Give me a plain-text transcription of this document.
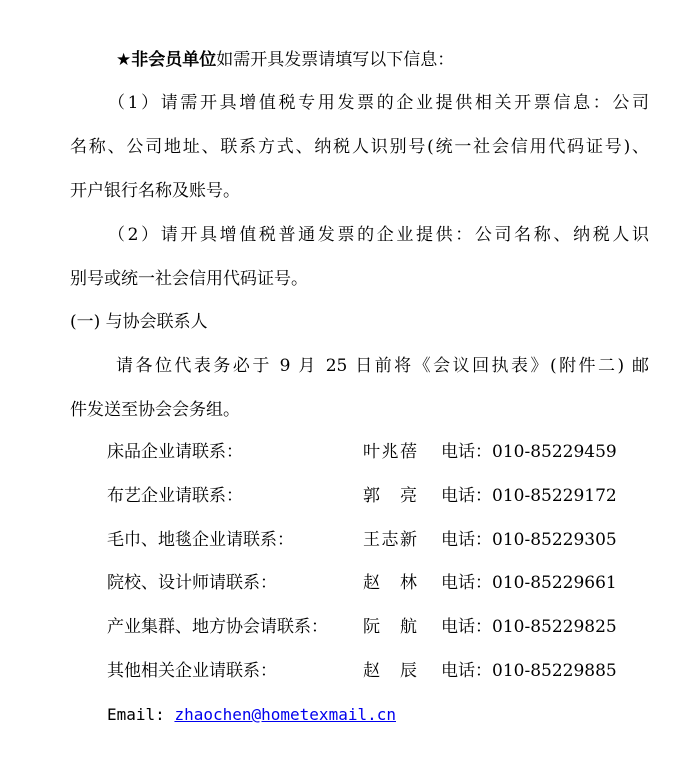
★非会员单位如需开具发票请填写以下信息：
（1）请需开具增值税专用发票的企业提供相关开票信息：公司
名称、公司地址、联系方式、纳税人识别号(统一社会信用代码证号)、
开户银行名称及账号。
（2）请开具增值税普通发票的企业提供：公司名称、纳税人识
别号或统一社会信用代码证号。
(一) 与协会联系人
请各位代表务必于 9 月 25 日前将《会议回执表》(附件二) 邮
件发送至协会会务组。
床品企业请联系：	叶兆蓓 电话：010-85229459
布艺企业请联系：	郭亮 电话：010-85229172
毛巾、地毯企业请联系：	王志新 电话：010-85229305
院校、设计师请联系：	赵林 电话：010-85229661
产业集群、地方协会请联系： 阮航 电话：010-85229825
其他相关企业请联系：	赵辰 电话：010-85229885
Email: zhaochen@hometexmail.cn
